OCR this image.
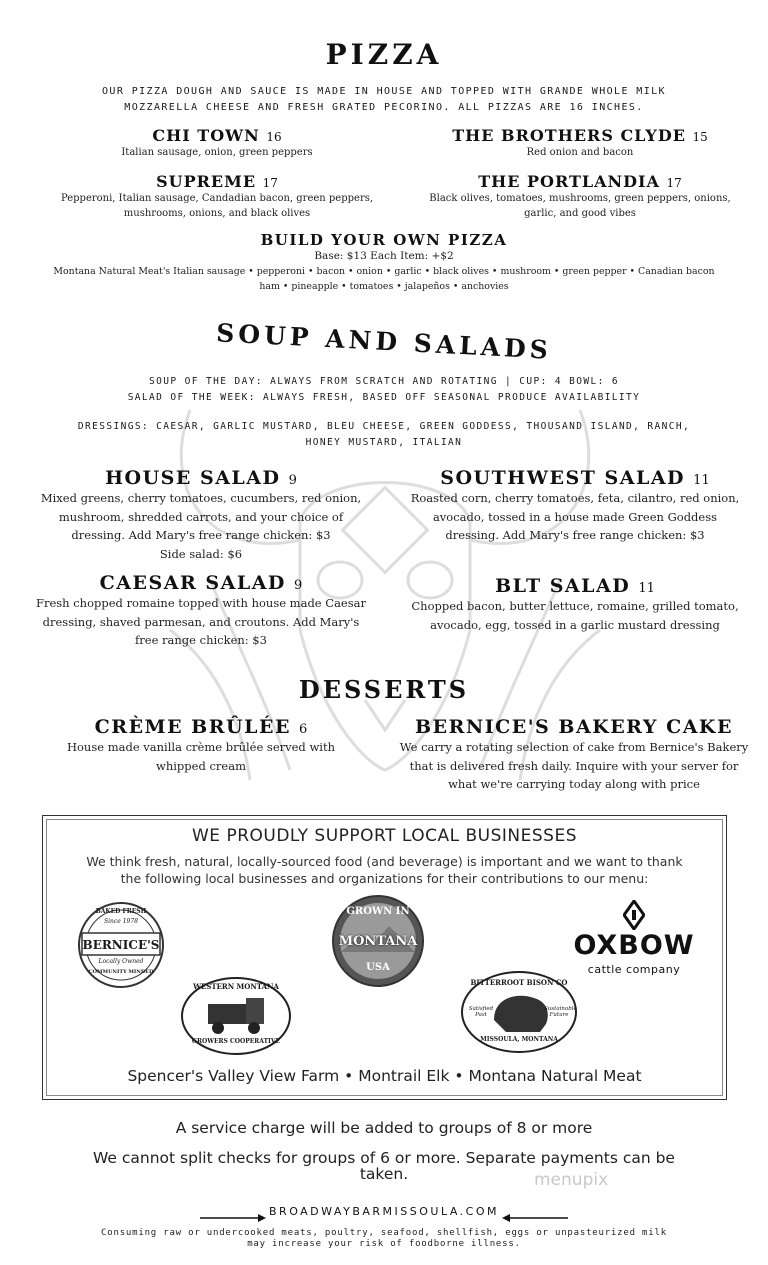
PIZZA
OUR PIZZA DOUGH AND SAUCE IS MADE IN HOUSE AND TOPPED WITH GRANDE WHOLE MILK
MOZZARELLA CHEESE AND FRESH GRATED PECORINO. ALL PIZZAS ARE 16 INCHES.
CHI TOWN 16
Italian sausage, onion, green peppers
THE BROTHERS CLYDE 15
Red onion and bacon
SUPREME 17
Pepperoni, Italian sausage, Candadian bacon, green peppers,
mushrooms, onions, and black olives
THE PORTLANDIA 17
Black olives, tomatoes, mushrooms, green peppers, onions,
garlic, and good vibes
BUILD YOUR OWN PIZZA
Base: $13 Each Item: +$2
Montana Natural Meat's Italian sausage • pepperoni • bacon • onion • garlic • black olives • mushroom • green pepper • Canadian bacon
ham • pineapple • tomatoes • jalapeños • anchovies
SOUP AND SALADS
SOUP OF THE DAY: ALWAYS FROM SCRATCH AND ROTATING | CUP: 4 BOWL: 6
SALAD OF THE WEEK: ALWAYS FRESH, BASED OFF SEASONAL PRODUCE AVAILABILITY
DRESSINGS: CAESAR, GARLIC MUSTARD, BLEU CHEESE, GREEN GODDESS, THOUSAND ISLAND, RANCH,
HONEY MUSTARD, ITALIAN
HOUSE SALAD 9
Mixed greens, cherry tomatoes, cucumbers, red onion,
mushroom, shredded carrots, and your choice of
dressing. Add Mary's free range chicken: $3
Side salad: $6
SOUTHWEST SALAD 11
Roasted corn, cherry tomatoes, feta, cilantro, red onion,
avocado, tossed in a house made Green Goddess
dressing. Add Mary's free range chicken: $3
CAESAR SALAD 9
Fresh chopped romaine topped with house made Caesar
dressing, shaved parmesan, and croutons. Add Mary's
free range chicken: $3
BLT SALAD 11
Chopped bacon, butter lettuce, romaine, grilled tomato,
avocado, egg, tossed in a garlic mustard dressing
DESSERTS
CRÈME BRÛLÉE 6
House made vanilla crème brûlée served with
whipped cream
BERNICE'S BAKERY CAKE
We carry a rotating selection of cake from Bernice's Bakery
that is delivered fresh daily. Inquire with your server for
what we're carrying today along with price
WE PROUDLY SUPPORT LOCAL BUSINESSES
We think fresh, natural, locally-sourced food (and beverage) is important and we want to thank
the following local businesses and organizations for their contributions to our menu:
BAKED FRESH
Since 1978
BERNICE'S
Locally Owned
COMMUNITY MINDED
GROWN IN
MONTANA
USA
OXBOW
cattle company
WESTERN MONTANA
GROWERS COOPERATIVE
BITTERROOT BISON CO
Satisfied Past
Sustainable Future
MISSOULA, MONTANA
Spencer's Valley View Farm • Montrail Elk • Montana Natural Meat
A service charge will be added to groups of 8 or more
We cannot split checks for groups of 6 or more. Separate payments can be
taken.	menupix
BROADWAYBARMISSOULA.COM
Consuming raw or undercooked meats, poultry, seafood, shellfish, eggs or unpasteurized milk
may increase your risk of foodborne illness.
